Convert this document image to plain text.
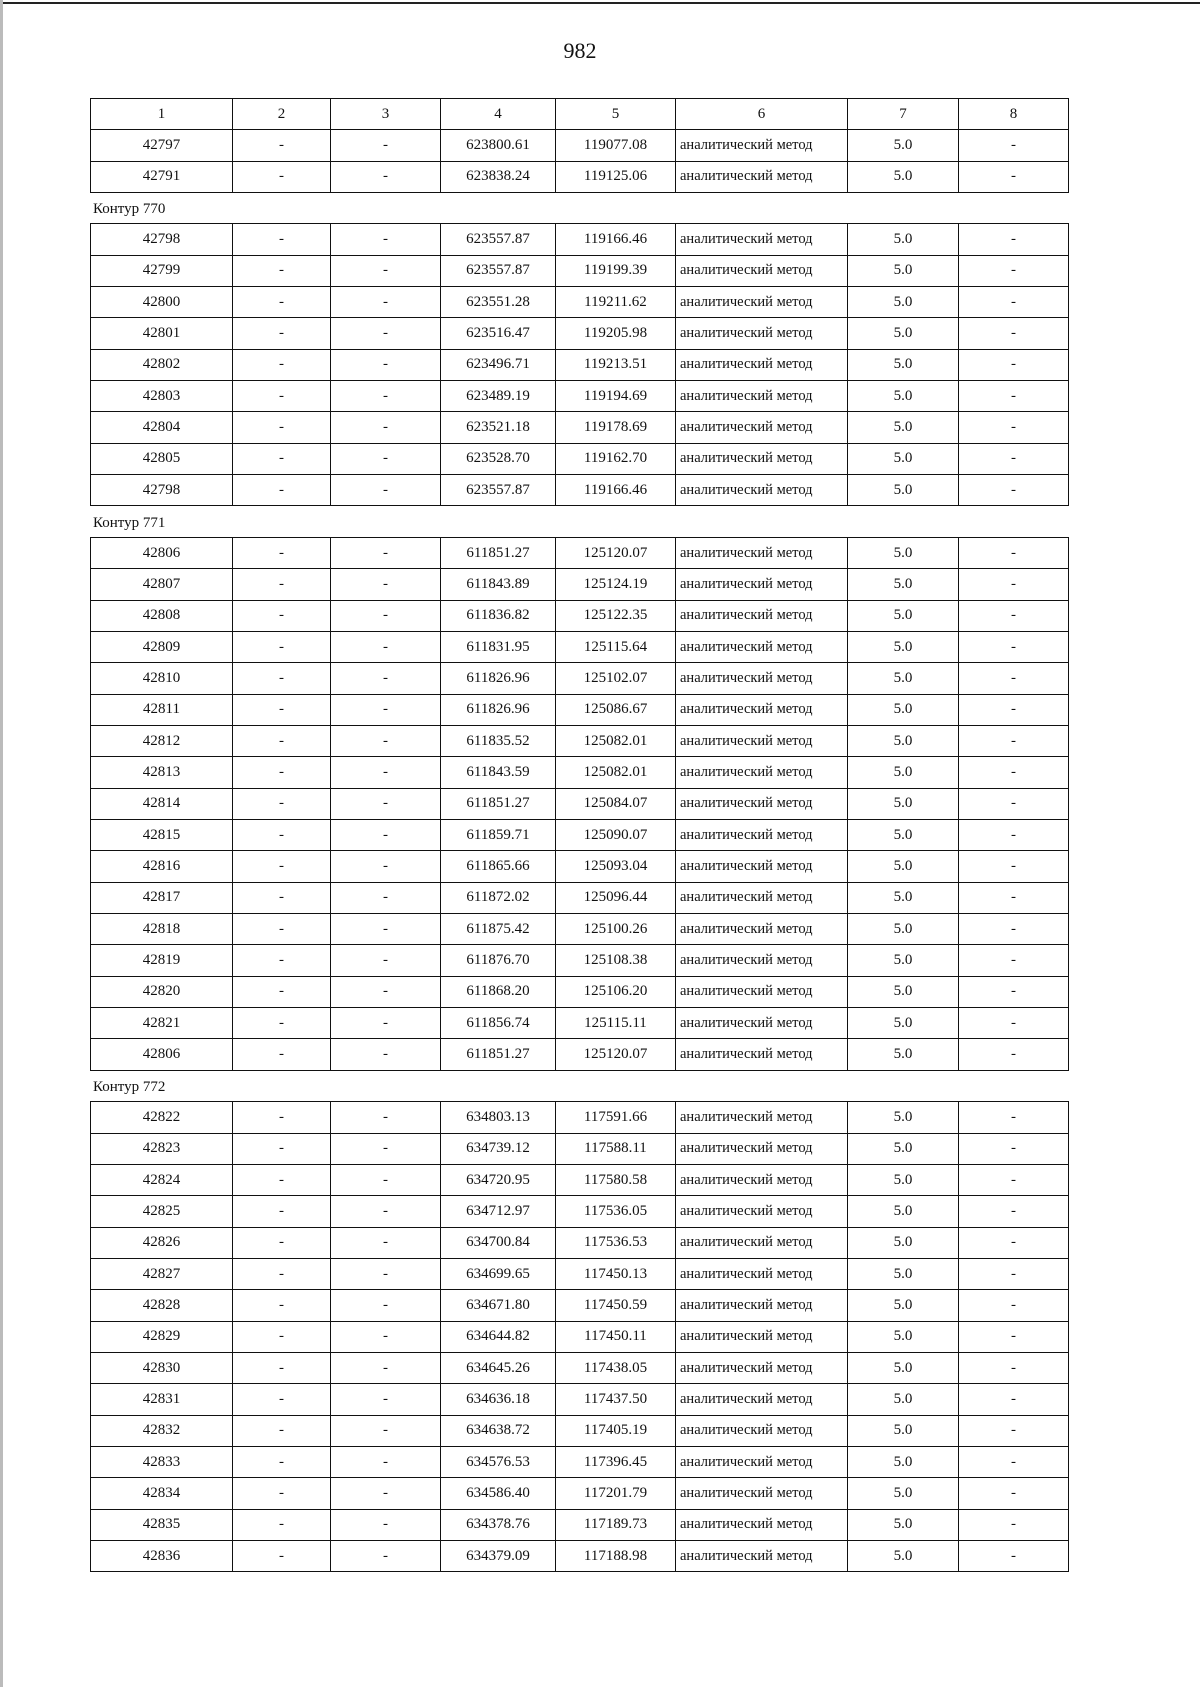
982
1	2	3	4	5	6	7	8
42797	-	-	623800.61	119077.08	аналитический метод	5.0	-
42791	-	-	623838.24	119125.06	аналитический метод	5.0	-
Контур 770
42798	-	-	623557.87	119166.46	аналитический метод	5.0	-
42799	-	-	623557.87	119199.39	аналитический метод	5.0	-
42800	-	-	623551.28	119211.62	аналитический метод	5.0	-
42801	-	-	623516.47	119205.98	аналитический метод	5.0	-
42802	-	-	623496.71	119213.51	аналитический метод	5.0	-
42803	-	-	623489.19	119194.69	аналитический метод	5.0	-
42804	-	-	623521.18	119178.69	аналитический метод	5.0	-
42805	-	-	623528.70	119162.70	аналитический метод	5.0	-
42798	-	-	623557.87	119166.46	аналитический метод	5.0	-
Контур 771
42806	-	-	611851.27	125120.07	аналитический метод	5.0	-
42807	-	-	611843.89	125124.19	аналитический метод	5.0	-
42808	-	-	611836.82	125122.35	аналитический метод	5.0	-
42809	-	-	611831.95	125115.64	аналитический метод	5.0	-
42810	-	-	611826.96	125102.07	аналитический метод	5.0	-
42811	-	-	611826.96	125086.67	аналитический метод	5.0	-
42812	-	-	611835.52	125082.01	аналитический метод	5.0	-
42813	-	-	611843.59	125082.01	аналитический метод	5.0	-
42814	-	-	611851.27	125084.07	аналитический метод	5.0	-
42815	-	-	611859.71	125090.07	аналитический метод	5.0	-
42816	-	-	611865.66	125093.04	аналитический метод	5.0	-
42817	-	-	611872.02	125096.44	аналитический метод	5.0	-
42818	-	-	611875.42	125100.26	аналитический метод	5.0	-
42819	-	-	611876.70	125108.38	аналитический метод	5.0	-
42820	-	-	611868.20	125106.20	аналитический метод	5.0	-
42821	-	-	611856.74	125115.11	аналитический метод	5.0	-
42806	-	-	611851.27	125120.07	аналитический метод	5.0	-
Контур 772
42822	-	-	634803.13	117591.66	аналитический метод	5.0	-
42823	-	-	634739.12	117588.11	аналитический метод	5.0	-
42824	-	-	634720.95	117580.58	аналитический метод	5.0	-
42825	-	-	634712.97	117536.05	аналитический метод	5.0	-
42826	-	-	634700.84	117536.53	аналитический метод	5.0	-
42827	-	-	634699.65	117450.13	аналитический метод	5.0	-
42828	-	-	634671.80	117450.59	аналитический метод	5.0	-
42829	-	-	634644.82	117450.11	аналитический метод	5.0	-
42830	-	-	634645.26	117438.05	аналитический метод	5.0	-
42831	-	-	634636.18	117437.50	аналитический метод	5.0	-
42832	-	-	634638.72	117405.19	аналитический метод	5.0	-
42833	-	-	634576.53	117396.45	аналитический метод	5.0	-
42834	-	-	634586.40	117201.79	аналитический метод	5.0	-
42835	-	-	634378.76	117189.73	аналитический метод	5.0	-
42836	-	-	634379.09	117188.98	аналитический метод	5.0	-
